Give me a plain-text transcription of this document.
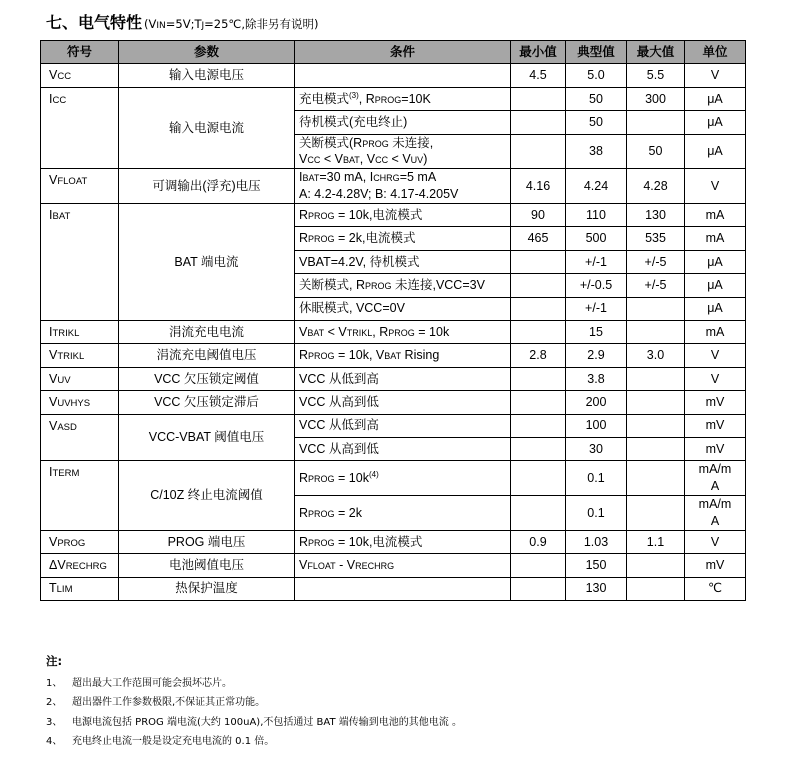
七、电气特性 (VIN=5V;TJ=25℃,除非另有说明)
符号	参数	条件	最小值	典型值	最大值	单位
VCC	输入电源电压		4.5	5.0	5.5	V
ICC	输入电源电流	充电模式$^{(3)}$, RPROG=10K		50	300	μA
		待机模式(充电终止)		50		μA
		关断模式(RPROG 未连接,
VCC < VBAT, VCC < VUV)		38	50	μA

VFLOAT	可调输出(浮充)电压	IBAT=30 mA, ICHRG=5 mA
A: 4.2-4.28V; B: 4.17-4.205V	4.16	4.24	4.28	V

IBAT	BAT 端电流	RPROG = 10k,电流模式	90	110	130	mA
		RPROG = 2k,电流模式	465	500	535	mA
		VBAT=4.2V, 待机模式		+/-1	+/-5	μA
		关断模式, RPROG 未连接,VCC=3V		+/-0.5	+/-5	μA
		休眠模式, VCC=0V		+/-1		μA
ITRIKL	涓流充电电流	VBAT < VTRIKL, RPROG = 10k		15		mA
VTRIKL	涓流充电阈值电压	RPROG = 10k, VBAT Rising	2.8	2.9	3.0	V
VUV	VCC 欠压锁定阈值	VCC 从低到高		3.8		V
VUVHYS	VCC 欠压锁定滞后	VCC 从高到低		200		mV
VASD	VCC-VBAT 阈值电压	VCC 从低到高		100		mV
		VCC 从高到低		30		mV
ITERM	C/10Z 终止电流阈值	RPROG = $10k^{(4)}$		0.1		mA/m
A

		RPROG = 2k		0.1		mA/m
A

VPROG	PROG 端电压	RPROG = 10k,电流模式	0.9	1.03	1.1	V
ΔVRECHRG	电池阈值电压	VFLOAT - VRECHRG		150		mV
TLIM	热保护温度			130		℃
注:
1、 超出最大工作范围可能会损坏芯片。
2、 超出器件工作参数极限,不保证其正常功能。
3、 电源电流包括 PROG 端电流(大约 100uA),不包括通过 BAT 端传输到电池的其他电流 。
4、 充电终止电流一般是设定充电电流的 0.1 倍。
